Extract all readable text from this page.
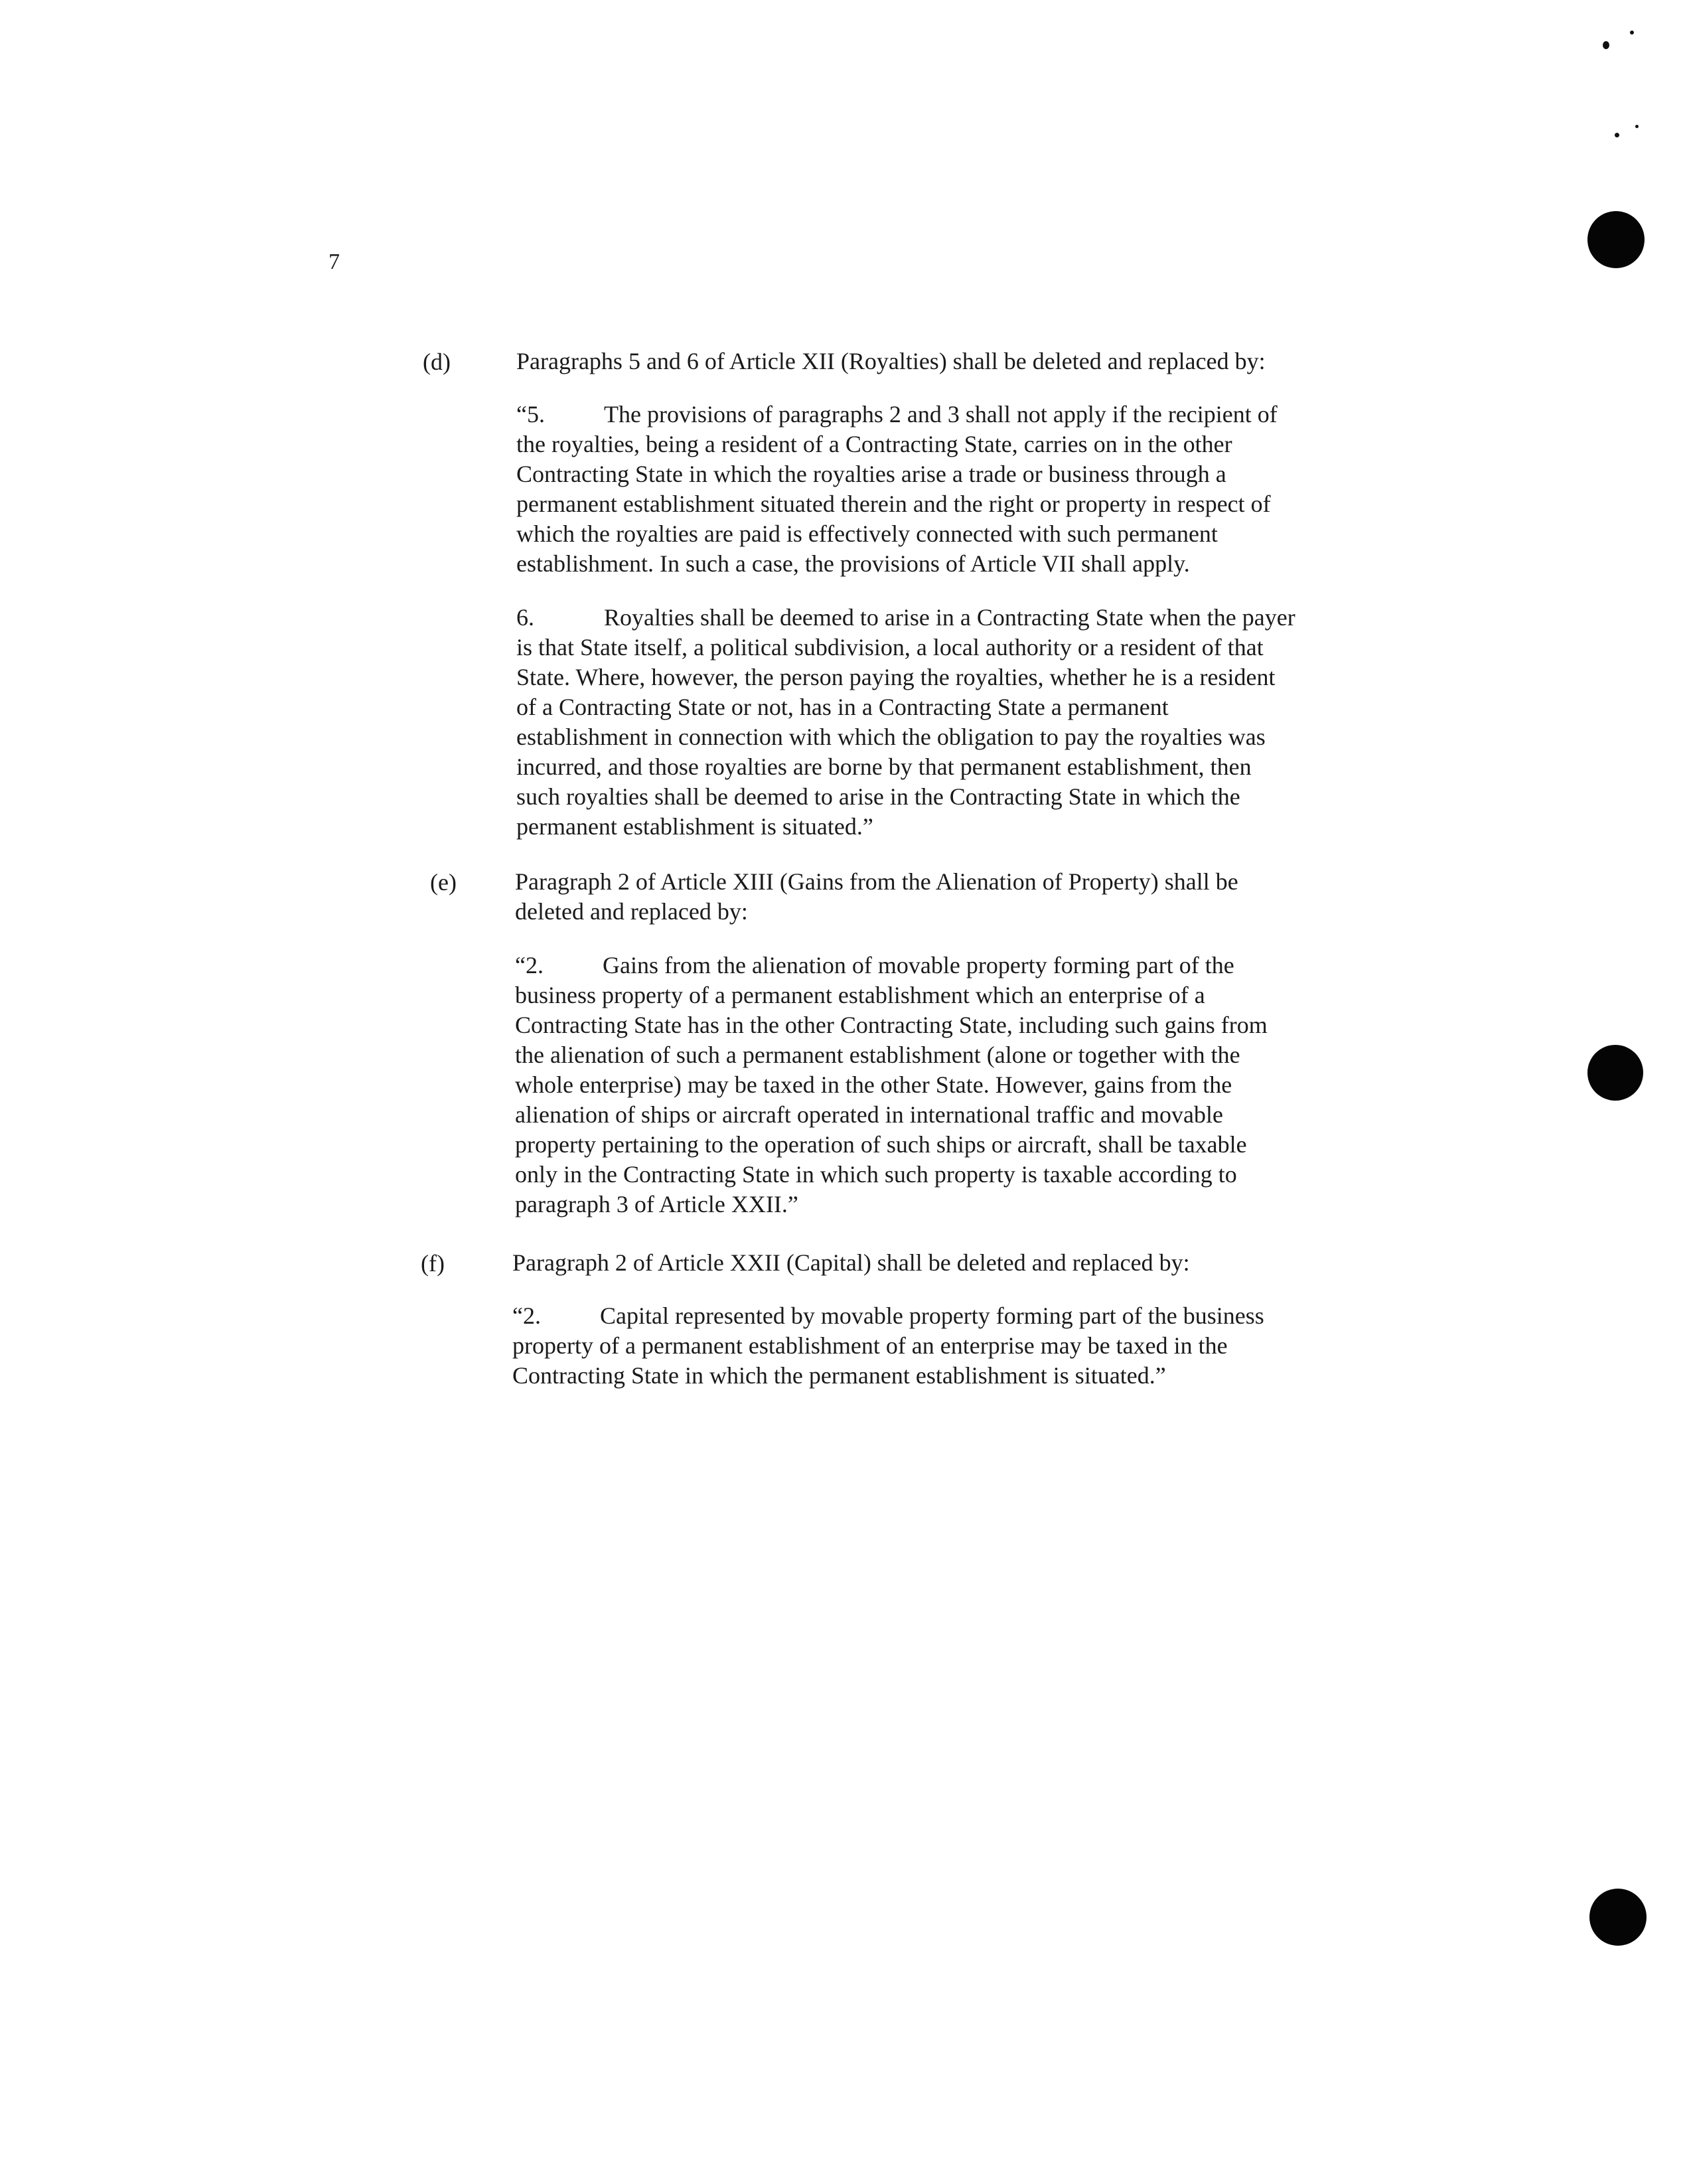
7
(d)	Paragraphs 5 and 6 of Article XII (Royalties) shall be deleted and replaced by:

“5. The provisions of paragraphs 2 and 3 shall not apply if the recipient of
the royalties, being a resident of a Contracting State, carries on in the other
Contracting State in which the royalties arise a trade or business through a
permanent establishment situated therein and the right or property in respect of
which the royalties are paid is effectively connected with such permanent
establishment. In such a case, the provisions of Article VII shall apply.

6.	Royalties shall be deemed to arise in a Contracting State when the payer
is that State itself, a political subdivision, a local authority or a resident of that
State. Where, however, the person paying the royalties, whether he is a resident
of a Contracting State or not, has in a Contracting State a permanent
establishment in connection with which the obligation to pay the royalties was
incurred, and those royalties are borne by that permanent establishment, then
such royalties shall be deemed to arise in the Contracting State in which the
permanent establishment is situated.”

(e) Paragraph 2 of Article XIII (Gains from the Alienation of Property) shall be
deleted and replaced by:

“2. Gains from the alienation of movable property forming part of the
business property of a permanent establishment which an enterprise of a
Contracting State has in the other Contracting State, including such gains from
the alienation of such a permanent establishment (alone or together with the
whole enterprise) may be taxed in the other State. However, gains from the
alienation of ships or aircraft operated in international traffic and movable
property pertaining to the operation of such ships or aircraft, shall be taxable
only in the Contracting State in which such property is taxable according to
paragraph 3 of Article XXII.”

(f)	Paragraph 2 of Article XXII (Capital) shall be deleted and replaced by:

“2. Capital represented by movable property forming part of the business
property of a permanent establishment of an enterprise may be taxed in the
Contracting State in which the permanent establishment is situated.”
